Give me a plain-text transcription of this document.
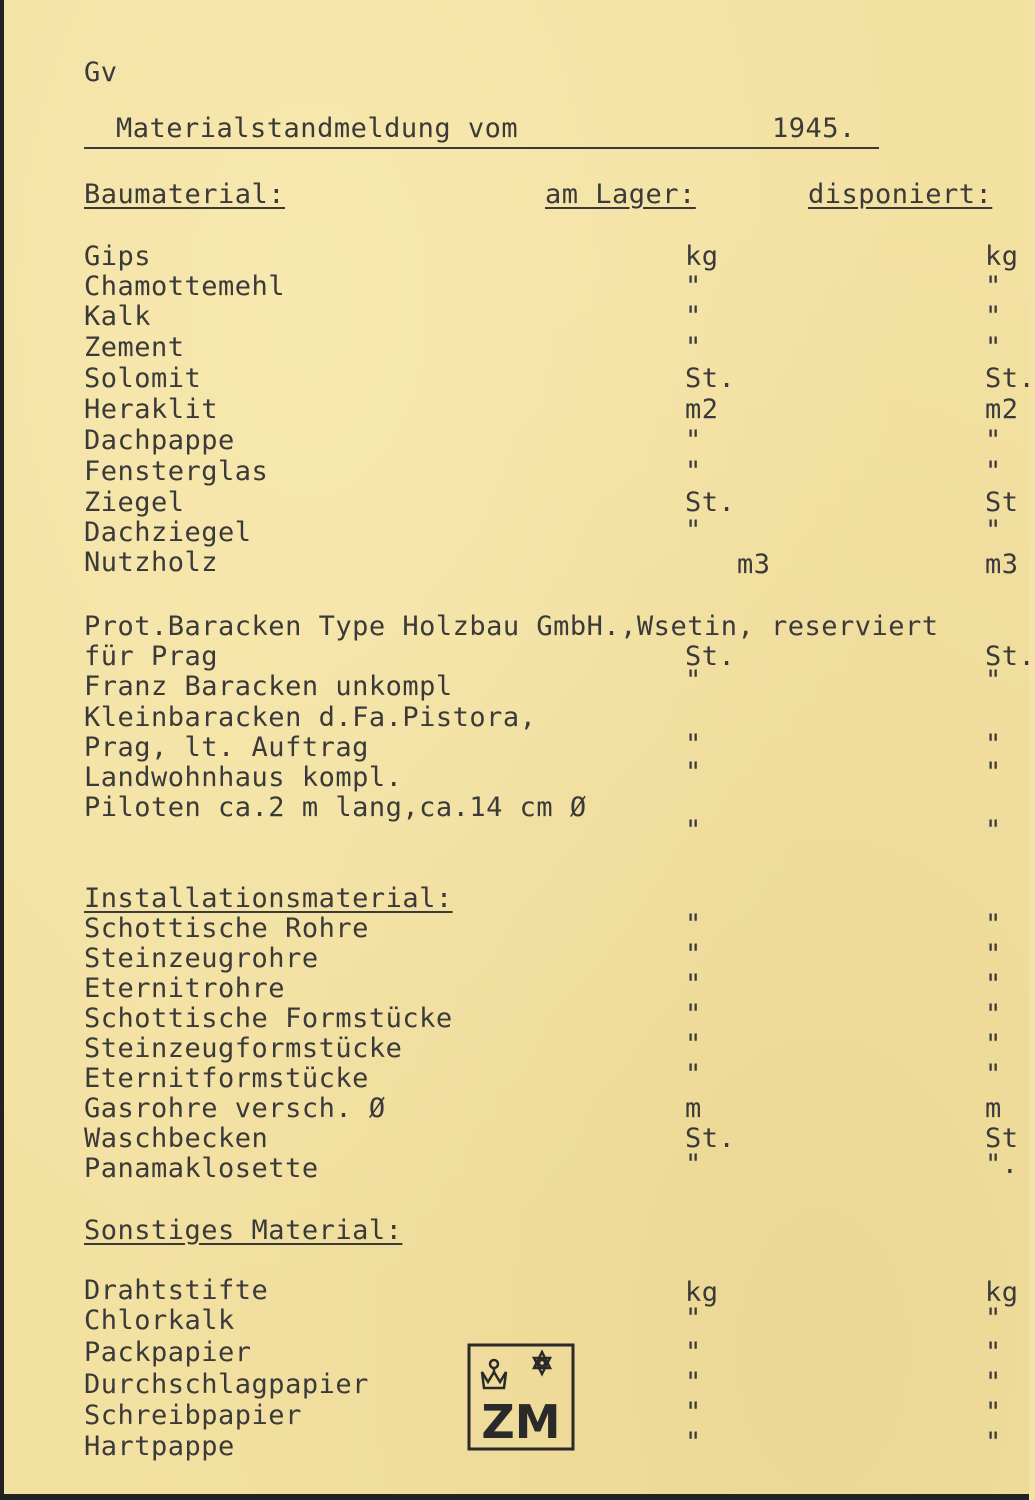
Gv
Materialstandmeldung vom	1945.
Baumaterial:	am Lager:	disponiert:
Gips	kg	kg
Chamottemehl	"	"
Kalk	"	"
Zement	"	"
Solomit	St.	St.
Heraklit	m2	m2
Dachpappe	"	"
Fensterglas	"	"
Ziegel	St.	St
Dachziegel	"	"
Nutzholz	m3	m3
Prot.Baracken Type Holzbau GmbH.,Wsetin, reserviert
für Prag	St.	St.
Franz Baracken unkompl	"	"
Kleinbaracken d.Fa.Pistora,
Prag, lt. Auftrag	"	"
Landwohnhaus kompl.	"	"
Piloten ca.2 m lang,ca.14 cm Ø
"	"
Installationsmaterial:
Schottische Rohre	"	"
Steinzeugrohre	"	"
Eternitrohre	"	"
Schottische Formstücke	"	"
Steinzeugformstücke	"	"
Eternitformstücke	"	"
Gasrohre versch. Ø	m	m
Waschbecken	St.	St
Panamaklosette	"	".
Sonstiges Material:
Drahtstifte	kg	kg
Chlorkalk	"	"
Packpapier	"	"
Durchschlagpapier	"	"
Schreibpapier	"	"
Hartpappe	"	"
ZM
